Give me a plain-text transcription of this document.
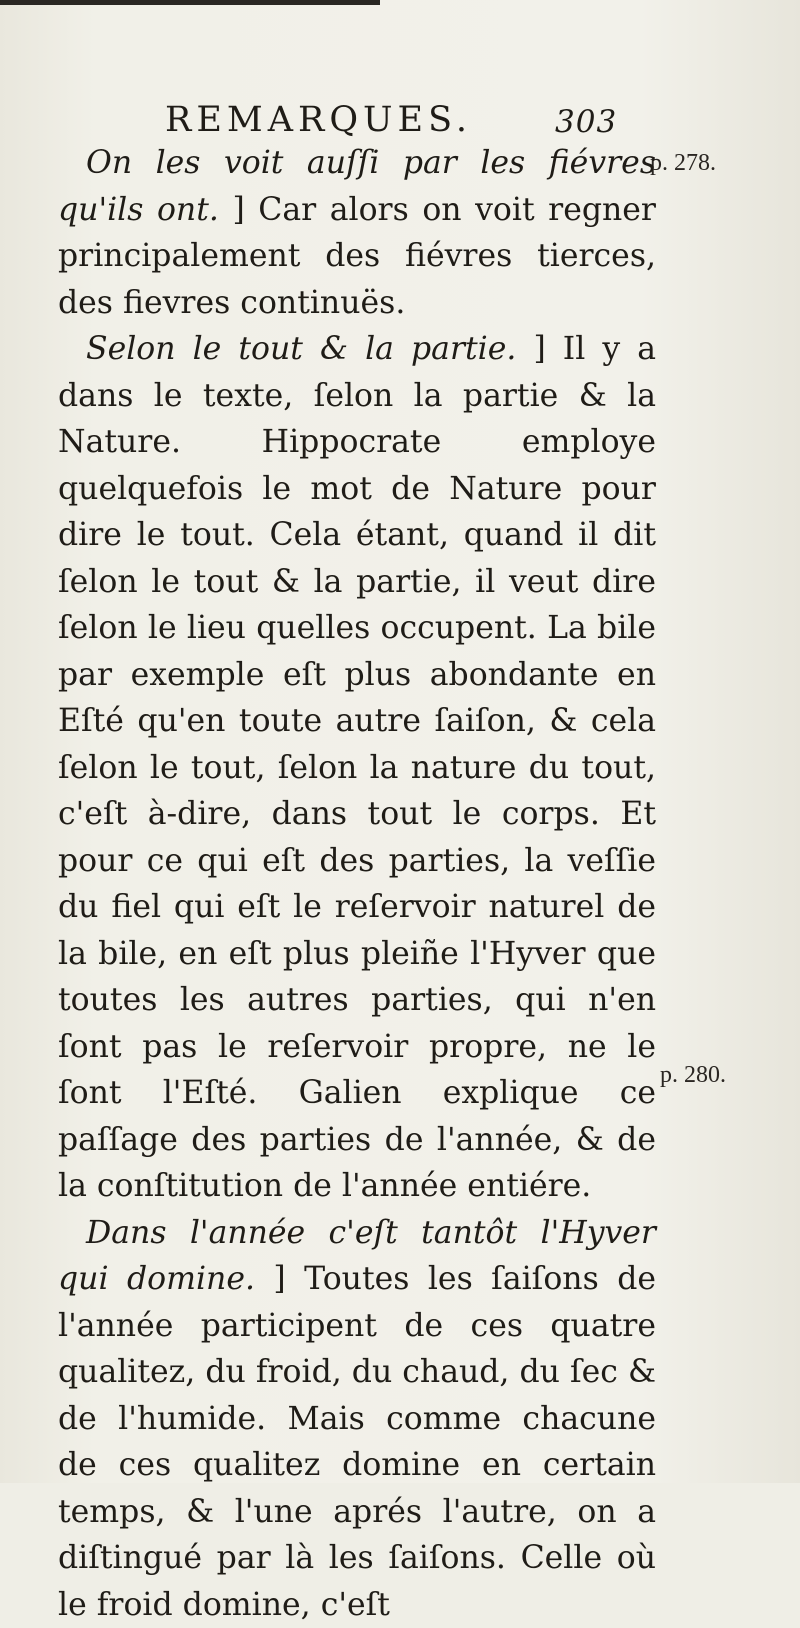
REMARQUES.	303
p. 278.
p. 280.

On les voit auſſi par les fiévres qu'ils ont. ] Car alors on voit regner principalement des fiévres tierces, des fievres continuës.

Selon le tout & la partie. ] Il y a dans le texte, ſelon la partie & la Nature. Hippocrate employe quelquefois le mot de Nature pour dire le tout. Cela étant, quand il dit ſelon le tout & la partie, il veut dire ſelon le lieu quelles occupent. La bile par exemple eſt plus abondante en Eſté qu'en toute autre ſaiſon, & cela ſelon le tout, ſelon la nature du tout, c'eſt à-dire, dans tout le corps. Et pour ce qui eſt des parties, la veſſie du fiel qui eſt le reſervoir naturel de la bile, en eſt plus pleiñe l'Hyver que toutes les autres parties, qui n'en ſont pas le reſervoir propre, ne le ſont l'Eſté. Galien explique ce paſſage des parties de l'année, & de la conſtitution de l'année entiére.

Dans l'année c'eſt tantôt l'Hyver qui domine. ] Toutes les ſaiſons de l'année participent de ces quatre qualitez, du froid, du chaud, du ſec & de l'humide. Mais comme chacune de ces qualitez domine en certain temps, & l'une aprés l'autre, on a diſtingué par là les ſaiſons. Celle où le froid domine, c'eſt
